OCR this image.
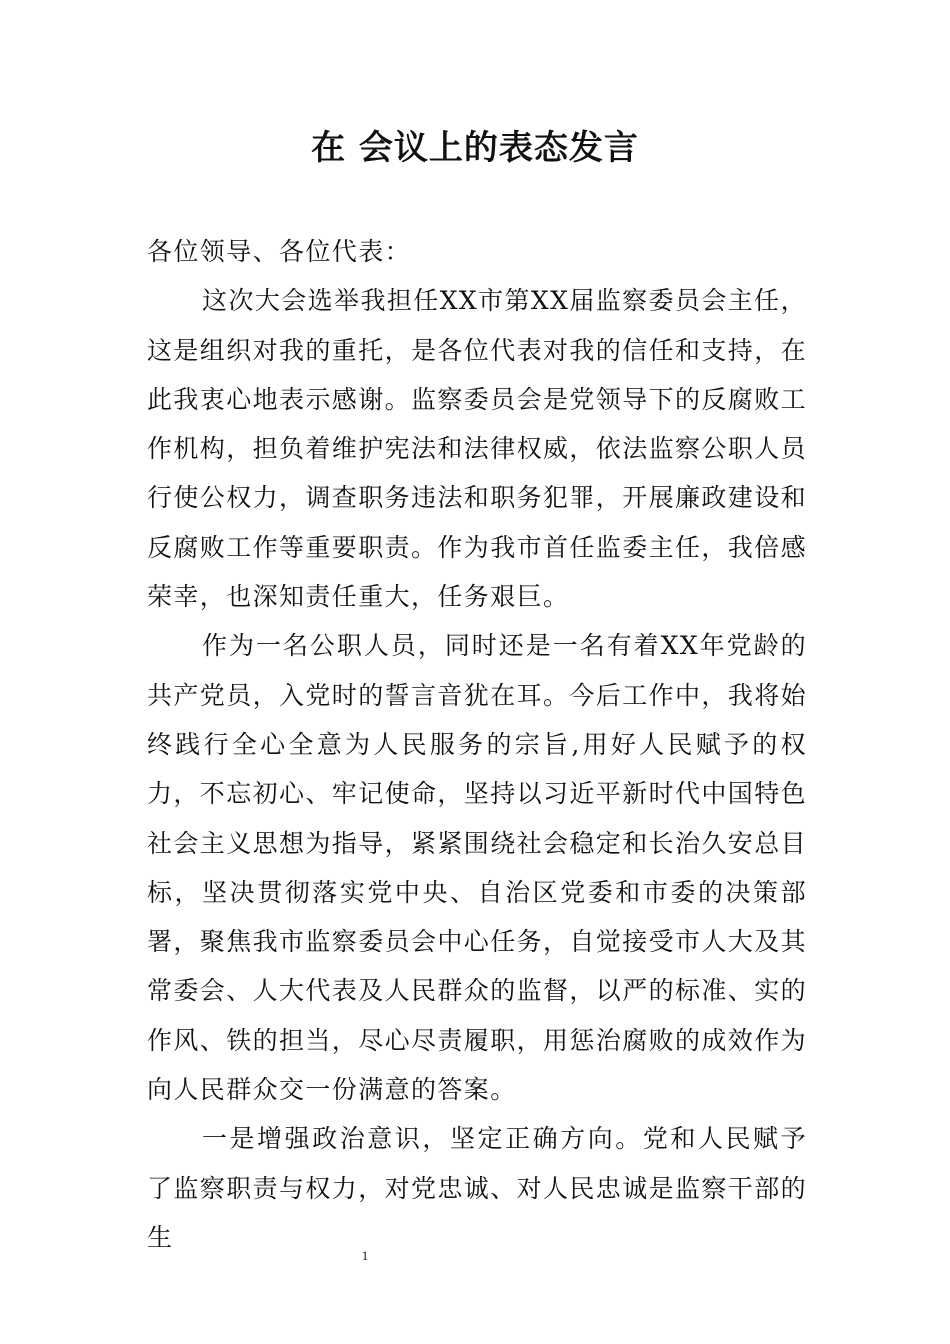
在 会议上的表态发言

各位领导、各位代表：

这次大会选举我担任XX市第XX届监察委员会主任，这是组织对我的重托，是各位代表对我的信任和支持，在此我衷心地表示感谢。监察委员会是党领导下的反腐败工作机构，担负着维护宪法和法律权威，依法监察公职人员行使公权力，调查职务违法和职务犯罪，开展廉政建设和反腐败工作等重要职责。作为我市首任监委主任，我倍感荣幸，也深知责任重大，任务艰巨。

作为一名公职人员，同时还是一名有着XX年党龄的共产党员，入党时的誓言音犹在耳。今后工作中，我将始终践行全心全意为人民服务的宗旨,用好人民赋予的权力，不忘初心、牢记使命，坚持以习近平新时代中国特色社会主义思想为指导，紧紧围绕社会稳定和长治久安总目标，坚决贯彻落实党中央、自治区党委和市委的决策部署，聚焦我市监察委员会中心任务，自觉接受市人大及其常委会、人大代表及人民群众的监督，以严的标准、实的作风、铁的担当，尽心尽责履职，用惩治腐败的成效作为向人民群众交一份满意的答案。

一是增强政治意识，坚定正确方向。党和人民赋予了监察职责与权力，对党忠诚、对人民忠诚是监察干部的生

1
